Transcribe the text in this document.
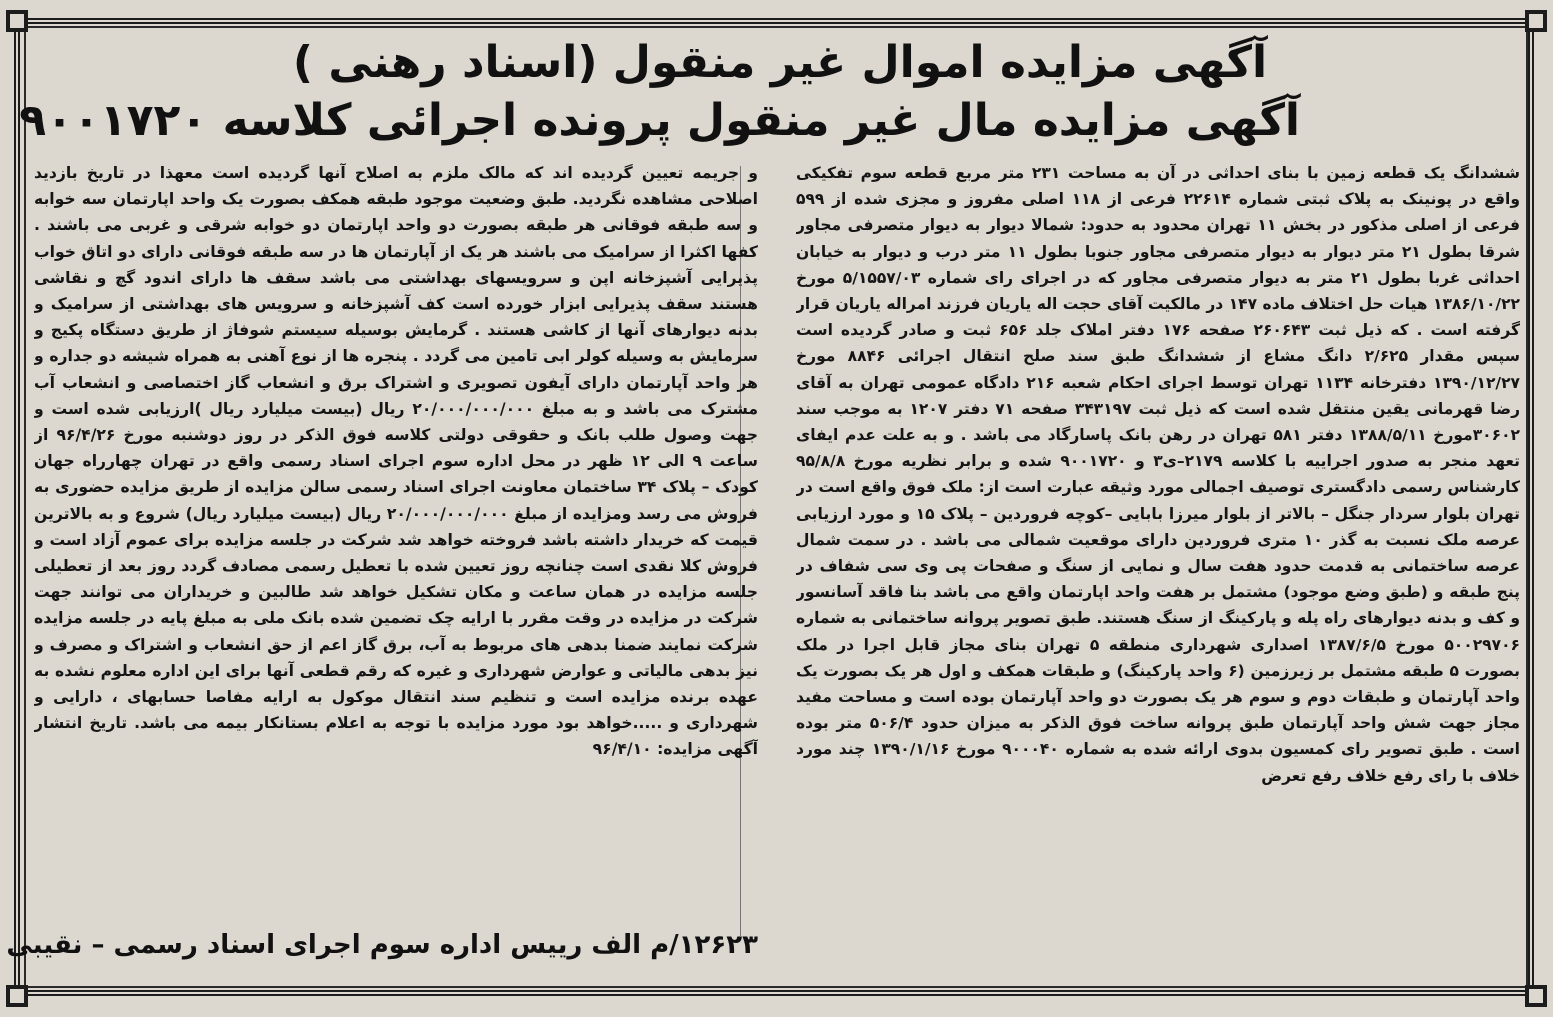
آگهی مزایده اموال غیر منقول (اسناد رهنی )
آگهی مزایده مال غیر منقول پرونده اجرائی کلاسه ۹۰۰۱۷۲۰

ششدانگ یک قطعه زمین با بنای احداثی در آن به مساحت ۲۳۱ متر مربع قطعه سوم تفکیکی واقع در پونینک به پلاک ثبتی شماره ۲۲۶۱۴ فرعی از ۱۱۸ اصلی مفروز و مجزی شده از ۵۹۹ فرعی از اصلی مذکور در بخش ۱۱ تهران محدود به حدود: شمالا دیوار به دیوار متصرفی مجاور شرقا بطول ۲۱ متر دیوار به دیوار متصرفی مجاور جنوبا بطول ۱۱ متر درب و دیوار به خیابان احداثی غربا بطول ۲۱ متر به دیوار متصرفی مجاور که در اجرای رای شماره ۵/۱۵۵۷/۰۳ مورخ ۱۳۸۶/۱۰/۲۲ هیات حل اختلاف ماده ۱۴۷ در مالکیت آقای حجت اله یاریان فرزند امراله یاریان قرار گرفته است . که ذیل ثبت ۲۶۰۶۴۳ صفحه ۱۷۶ دفتر املاک جلد ۶۵۶ ثبت و صادر گردیده است سپس مقدار ۲/۶۲۵ دانگ مشاع از ششدانگ طبق سند صلح انتقال اجرائی ۸۸۴۶ مورخ ۱۳۹۰/۱۲/۲۷ دفترخانه ۱۱۳۴ تهران توسط اجرای احکام شعبه ۲۱۶ دادگاه عمومی تهران به آقای رضا قهرمانی یقین منتقل شده است که ذیل ثبت ۳۴۳۱۹۷ صفحه ۷۱ دفتر ۱۲۰۷ به موجب سند ۳۰۶۰۲مورخ ۱۳۸۸/۵/۱۱ دفتر ۵۸۱ تهران در رهن بانک پاسارگاد می باشد . و به علت عدم ایفای تعهد منجر به صدور اجراییه با کلاسه ۲۱۷۹–ی۳ و ۹۰۰۱۷۲۰ شده و برابر نظریه مورخ ۹۵/۸/۸ کارشناس رسمی دادگستری توصیف اجمالی مورد وثیقه عبارت است از: ملک فوق واقع است در تهران بلوار سردار جنگل – بالاتر از بلوار میرزا بابایی –کوچه فروردین – پلاک ۱۵ و مورد ارزیابی عرصه ملک نسبت به گذر ۱۰ متری فروردین دارای موقعیت شمالی می باشد . در سمت شمال عرصه ساختمانی به قدمت حدود هفت سال و نمایی از سنگ و صفحات پی وی سی شفاف در پنج طبقه و (طبق وضع موجود) مشتمل بر هفت واحد اپارتمان واقع می باشد بنا فاقد آسانسور و کف و بدنه دیوارهای راه پله و پارکینگ از سنگ هستند. طبق تصویر پروانه ساختمانی به شماره ۵۰۰۲۹۷۰۶ مورخ ۱۳۸۷/۶/۵ اصداری شهرداری منطقه ۵ تهران بنای مجاز قابل اجرا در ملک بصورت ۵ طبقه مشتمل بر زیرزمین (۶ واحد پارکینگ) و طبقات همکف و اول هر یک بصورت یک واحد آپارتمان و طبقات دوم و سوم هر یک بصورت دو واحد آپارتمان بوده است و مساحت مفید مجاز جهت شش واحد آپارتمان طبق پروانه ساخت فوق الذکر به میزان حدود ۵۰۶/۴ متر بوده است . طبق تصویر رای کمسیون بدوی ارائه شده به شماره ۹۰۰۰۴۰ مورخ ۱۳۹۰/۱/۱۶ چند مورد خلاف با رای رفع خلاف رفع تعرض

و جریمه تعیین گردیده اند که مالک ملزم به اصلاح آنها گردیده است معهذا در تاریخ بازدید اصلاحی مشاهده نگردید. طبق وضعیت موجود طبقه همکف بصورت یک واحد اپارتمان سه خوابه و سه طبقه فوقانی هر طبقه بصورت دو واحد اپارتمان دو خوابه شرقی و غربی می باشند . کفها اکثرا از سرامیک می باشند هر یک از آپارتمان ها در سه طبقه فوقانی دارای دو اتاق خواب پذیرایی آشپزخانه اپن و سرویسهای بهداشتی می باشد سقف ها دارای اندود گچ و نقاشی هستند سقف پذیرایی ابزار خورده است کف آشپزخانه و سرویس های بهداشتی از سرامیک و بدنه دیوارهای آنها از کاشی هستند . گرمایش بوسیله سیستم شوفاژ از طریق دستگاه پکیج و سرمایش به وسیله کولر ابی تامین می گردد . پنجره ها از نوع آهنی به همراه شیشه دو جداره و هر واحد آپارتمان دارای آیفون تصویری و اشتراک برق و انشعاب گاز اختصاصی و انشعاب آب مشترک می باشد و به مبلغ ۲۰/۰۰۰/۰۰۰/۰۰۰ ریال (بیست میلیارد ریال )ارزیابی شده است و جهت وصول طلب بانک و حقوقی دولتی کلاسه فوق الذکر در روز دوشنبه مورخ ۹۶/۴/۲۶ از ساعت ۹ الی ۱۲ ظهر در محل اداره سوم اجرای اسناد رسمی واقع در تهران چهارراه جهان کودک – پلاک ۳۴ ساختمان معاونت اجرای اسناد رسمی سالن مزایده از طریق مزایده حضوری به فروش می رسد ومزایده از مبلغ ۲۰/۰۰۰/۰۰۰/۰۰۰ ریال (بیست میلیارد ریال) شروع و به بالاترین قیمت که خریدار داشته باشد فروخته خواهد شد شرکت در جلسه مزایده برای عموم آزاد است و فروش کلا نقدی است چنانچه روز تعیین شده با تعطیل رسمی مصادف گردد روز بعد از تعطیلی جلسه مزایده در همان ساعت و مکان تشکیل خواهد شد طالبین و خریداران می توانند جهت شرکت در مزایده در وقت مقرر با ارایه چک تضمین شده بانک ملی به مبلغ پایه در جلسه مزایده شرکت نمایند ضمنا بدهی های مربوط به آب، برق گاز اعم از حق انشعاب و اشتراک و مصرف و نیز بدهی مالیاتی و عوارض شهرداری و غیره که رقم قطعی آنها برای این اداره معلوم نشده به عهده برنده مزایده است و تنظیم سند انتقال موکول به ارایه مفاصا حسابهای ، دارایی و شهرداری و .....خواهد بود مورد مزایده با توجه به اعلام بستانکار بیمه می باشد. تاریخ انتشار آگهی مزایده: ۹۶/۴/۱۰

۱۲۶۲۳/م الف رییس اداره سوم اجرای اسناد رسمی – نقیبی
